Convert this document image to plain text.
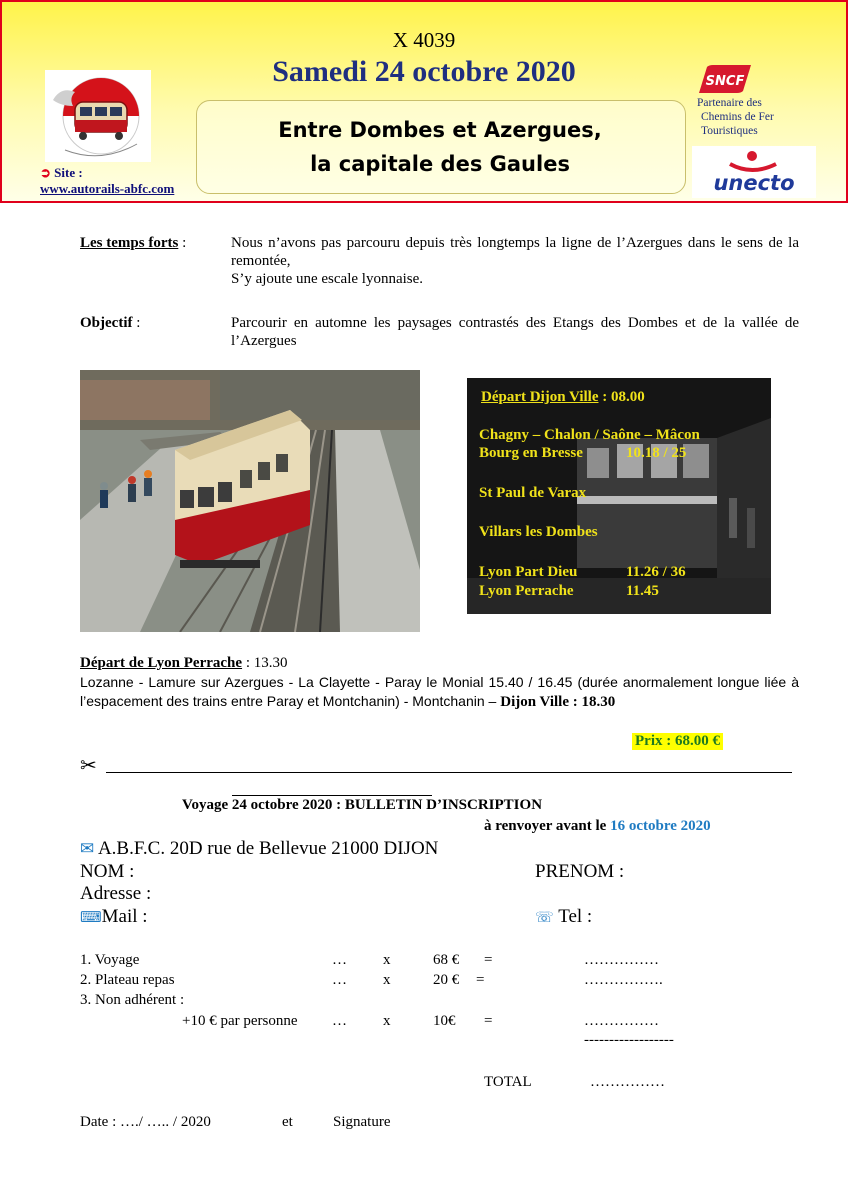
X 4039
Samedi 24 octobre 2020
➲ Site :
www.autorails-abfc.com
Entre Dombes et Azergues,
la capitale des Gaules
SNCF
Partenaire des
Chemins de Fer
Touristiques
unecto
Les temps forts :	Nous n’avons pas parcouru depuis très longtemps la ligne de l’Azergues dans le sens de la remontée,
S’y ajoute une escale lyonnaise.
Objectif :	Parcourir en automne les paysages contrastés des Etangs des Dombes et de la vallée de l’Azergues
Départ Dijon Ville : 08.00
Chagny – Chalon / Saône – Mâcon
Bourg en Bresse	10.18 / 25
St Paul de Varax
Villars les Dombes
Lyon Part Dieu	11.26 / 36
Lyon Perrache	11.45
Départ de Lyon Perrache : 13.30
Lozanne - Lamure sur Azergues - La Clayette - Paray le Monial 15.40 / 16.45 (durée anormalement longue liée à l’espacement des trains entre Paray et Montchanin) - Montchanin – Dijon Ville : 18.30
Prix : 68.00 €
✂
Voyage 24 octobre 2020 : BULLETIN D’INSCRIPTION
à renvoyer avant le 16 octobre 2020
✉ A.B.F.C. 20D rue de Bellevue 21000 DIJON
NOM :	PRENOM :
Adresse :
⌨Mail :	☏ Tel :
1. Voyage	… x	68 € =	……………
2. Plateau repas	… x	20 € =	…………….
3. Non adhérent :
+10 € par personne … x	10€ =	……………
------------------
TOTAL	……………
Date : …./ ….. / 2020	et	Signature
